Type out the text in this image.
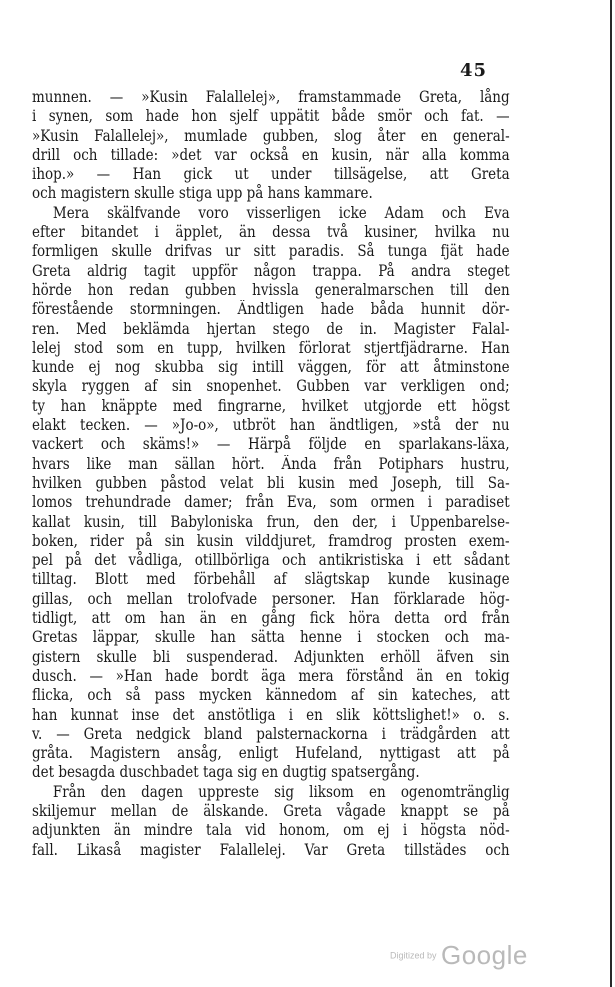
45
munnen. — »Kusin Falallelej», framstammade Greta, lång
i synen, som hade hon sjelf uppätit både smör och fat. —
»Kusin Falallelej», mumlade gubben, slog åter en general-
drill och tillade: »det var också en kusin, när alla komma
ihop.» — Han gick ut under tillsägelse, att Greta
och magistern skulle stiga upp på hans kammare.
Mera skälfvande voro visserligen icke Adam och Eva
efter bitandet i äpplet, än dessa två kusiner, hvilka nu
formligen skulle drifvas ur sitt paradis. Så tunga fjät hade
Greta aldrig tagit uppför någon trappa. På andra steget
hörde hon redan gubben hvissla generalmarschen till den
förestående stormningen. Ändtligen hade båda hunnit dör-
ren. Med beklämda hjertan stego de in. Magister Falal-
lelej stod som en tupp, hvilken förlorat stjertfjädrarne. Han
kunde ej nog skubba sig intill väggen, för att åtminstone
skyla ryggen af sin snopenhet. Gubben var verkligen ond;
ty han knäppte med fingrarne, hvilket utgjorde ett högst
elakt tecken. — »Jo-o», utbröt han ändtligen, »stå der nu
vackert och skäms!» — Härpå följde en sparlakans-läxa,
hvars like man sällan hört. Ända från Potiphars hustru,
hvilken gubben påstod velat bli kusin med Joseph, till Sa-
lomos trehundrade damer; från Eva, som ormen i paradiset
kallat kusin, till Babyloniska frun, den der, i Uppenbarelse-
boken, rider på sin kusin vilddjuret, framdrog prosten exem-
pel på det vådliga, otillbörliga och antikristiska i ett sådant
tilltag. Blott med förbehåll af slägtskap kunde kusinage
gillas, och mellan trolofvade personer. Han förklarade hög-
tidligt, att om han än en gång fick höra detta ord från
Gretas läppar, skulle han sätta henne i stocken och ma-
gistern skulle bli suspenderad. Adjunkten erhöll äfven sin
dusch. — »Han hade bordt äga mera förstånd än en tokig
flicka, och så pass mycken kännedom af sin kateches, att
han kunnat inse det anstötliga i en slik köttslighet!» o. s.
v. — Greta nedgick bland palsternackorna i trädgården att
gråta. Magistern ansåg, enligt Hufeland, nyttigast att på
det besagda duschbadet taga sig en dugtig spatsergång.
Från den dagen uppreste sig liksom en ogenomtränglig
skiljemur mellan de älskande. Greta vågade knappt se på
adjunkten än mindre tala vid honom, om ej i högsta nöd-
fall. Likaså magister Falallelej. Var Greta tillstädes och
Digitized by Google
